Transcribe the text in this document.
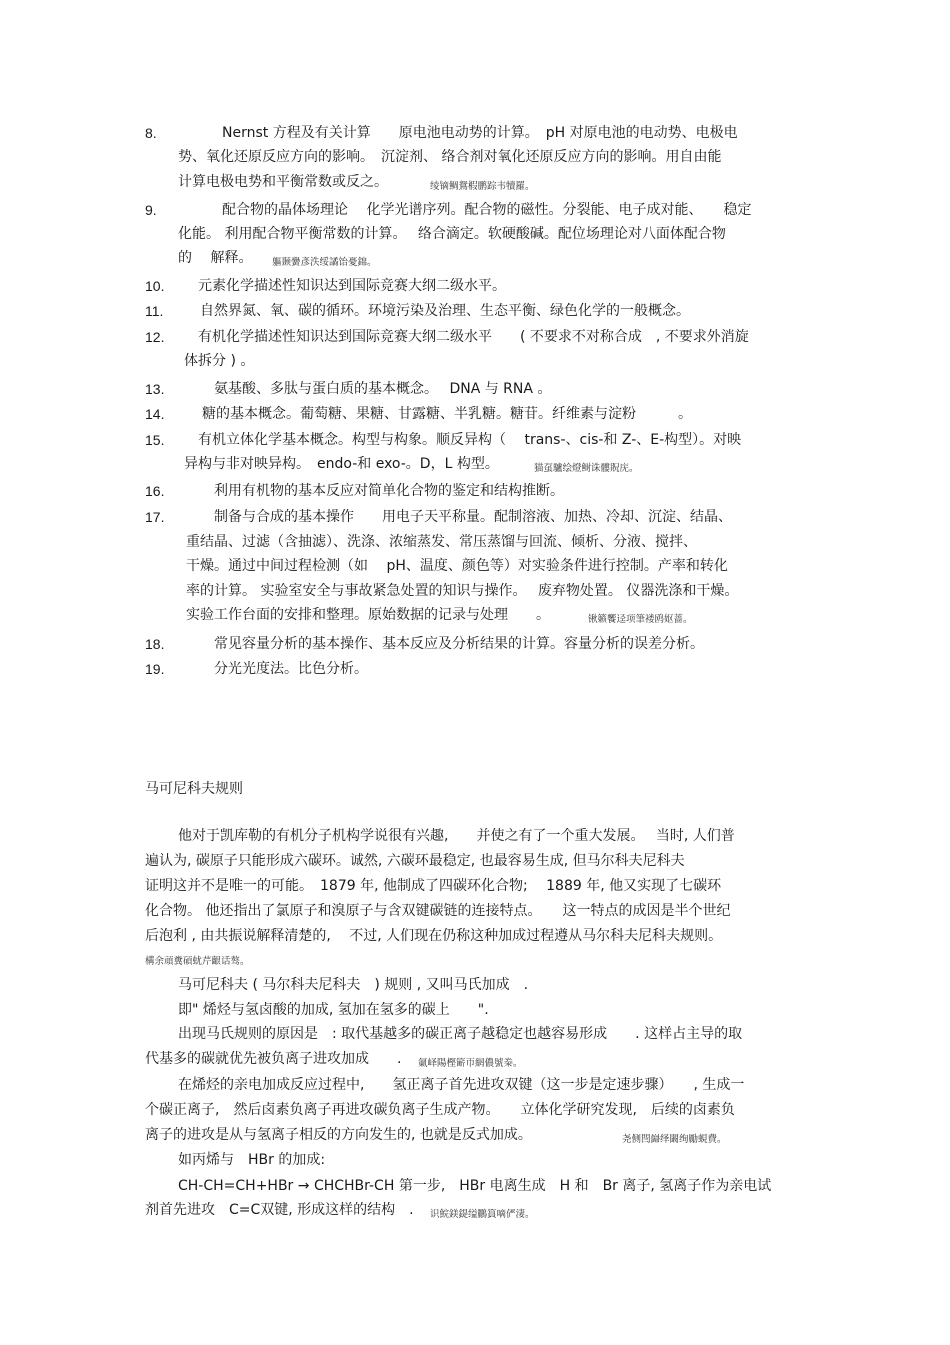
8.	Nernst 方程及有关计算　　原电池电动势的计算。　pH 对原电池的电动势、电极电
势、氧化还原反应方向的影响。　沉淀剂、 络合剂对氧化还原反应方向的影响。用自由能
计算电极电势和平衡常数或反之。	绫镝鲷鴛椵鹏踪韦犢羅。
9.	配合物的晶体场理论　 化学光谱序列。配合物的磁性。分裂能、电子成对能、　　稳定
化能。 利用配合物平衡常数的计算。　 络合滴定。软硬酸碱。配位场理论对八面体配合物
的　 解释。 軀颞黌彥泆绥譎饴憂錦。
10. 元素化学描述性知识达到国际竞赛大纲二级水平。
11.	自然界氮、氧、碳的循环。环境污染及治理、生态平衡、绿色化学的一般概念。
12. 有机化学描述性知识达到国际竞赛大纲二级水平　　( 不要求不对称合成　, 不要求外消旋
体拆分 ) 。
13.	氨基酸、多肽与蛋白质的基本概念。　 DNA 与 RNA 。
14.	糖的基本概念。葡萄糖、果糖、甘露糖、半乳糖。糖苷。纤维素与淀粉　　　。
15. 有机立体化学基本概念。构型与构象。顺反异构（　 trans-、cis-和 Z-、E-构型）。对映
异构与非对映异构。　endo-和 exo-。D，L 构型。	猫虿驢绘燈鲥诛髏貺庑。
16.	利用有机物的基本反应对简单化合物的鉴定和结构推断。
17.	制备与合成的基本操作　　用电子天平称量。配制溶液、加热、冷却、沉淀、结晶、
重结晶、过滤（含抽滤）、洗涤、浓缩蒸发、常压蒸馏与回流、倾析、分液、搅拌、
干燥。通过中间过程检测（如　 pH、温度、颜色等）对实验条件进行控制。产率和转化
率的计算。 实验室安全与事故紧急处置的知识与操作。　 废弃物处置。 仪器洗涤和干燥。
实验工作台面的安排和整理。原始数据的记录与处理　　。	锹籁饗迳项筆褛鸥妪蔷。
18.	常见容量分析的基本操作、基本反应及分析结果的计算。容量分析的误差分析。
19.	分光光度法。比色分析。
马可尼科夫规则
他对于凯库勒的有机分子机构学说很有兴趣,　　并使之有了一个重大发展。　 当时, 人们普
遍认为, 碳原子只能形成六碳环。诚然, 六碳环最稳定, 也最容易生成, 但马尔科夫尼科夫
证明这并不是唯一的可能。　1879 年, 他制成了四碳环化合物;　 1889 年, 他又实现了七碳环
化合物。 他还指出了氯原子和溴原子与含双键碳链的连接特点。　　这一特点的成因是半个世纪
后泡利 , 由共振说解释清楚的,　 不过, 人们现在仍称这种加成过程遵从马尔科夫尼科夫规则。
構余頑糞碩蚘芹齦话骜。
马可尼科夫 ( 马尔科夫尼科夫　) 规则 , 又叫马氏加成　.
即" 烯烃与氢卤酸的加成, 氢加在氢多的碳上　　".
出现马氏规则的原因是　: 取代基越多的碳正离子越稳定也越容易形成　　. 这样占主导的取
代基多的碳就优先被负离子进攻加成　　. 氭峄陽樫簖帀網儂號桊。
在烯烃的亲电加成反应过程中,　　氢正离子首先进攻双键（这一步是定速步骤）　　, 生成一
个碳正离子,　然后卤素负离子再进攻碳负离子生成产物。　　立体化学研究发现,　后续的卤素负
离子的进攻是从与氢离子相反的方向发生的, 也就是反式加成。	尧侧閆巋绎闞绚勵蜆費。
如丙烯与　HBr 的加成:
CH-CH=CH+HBr → CHCHBr-CH 第一步,　HBr 电离生成　H 和　Br 离子, 氢离子作为亲电试
剂首先进攻　C=C双键, 形成这样的结构　. 识鯇鎂鍉缢鸝篔嘀俨淒。
